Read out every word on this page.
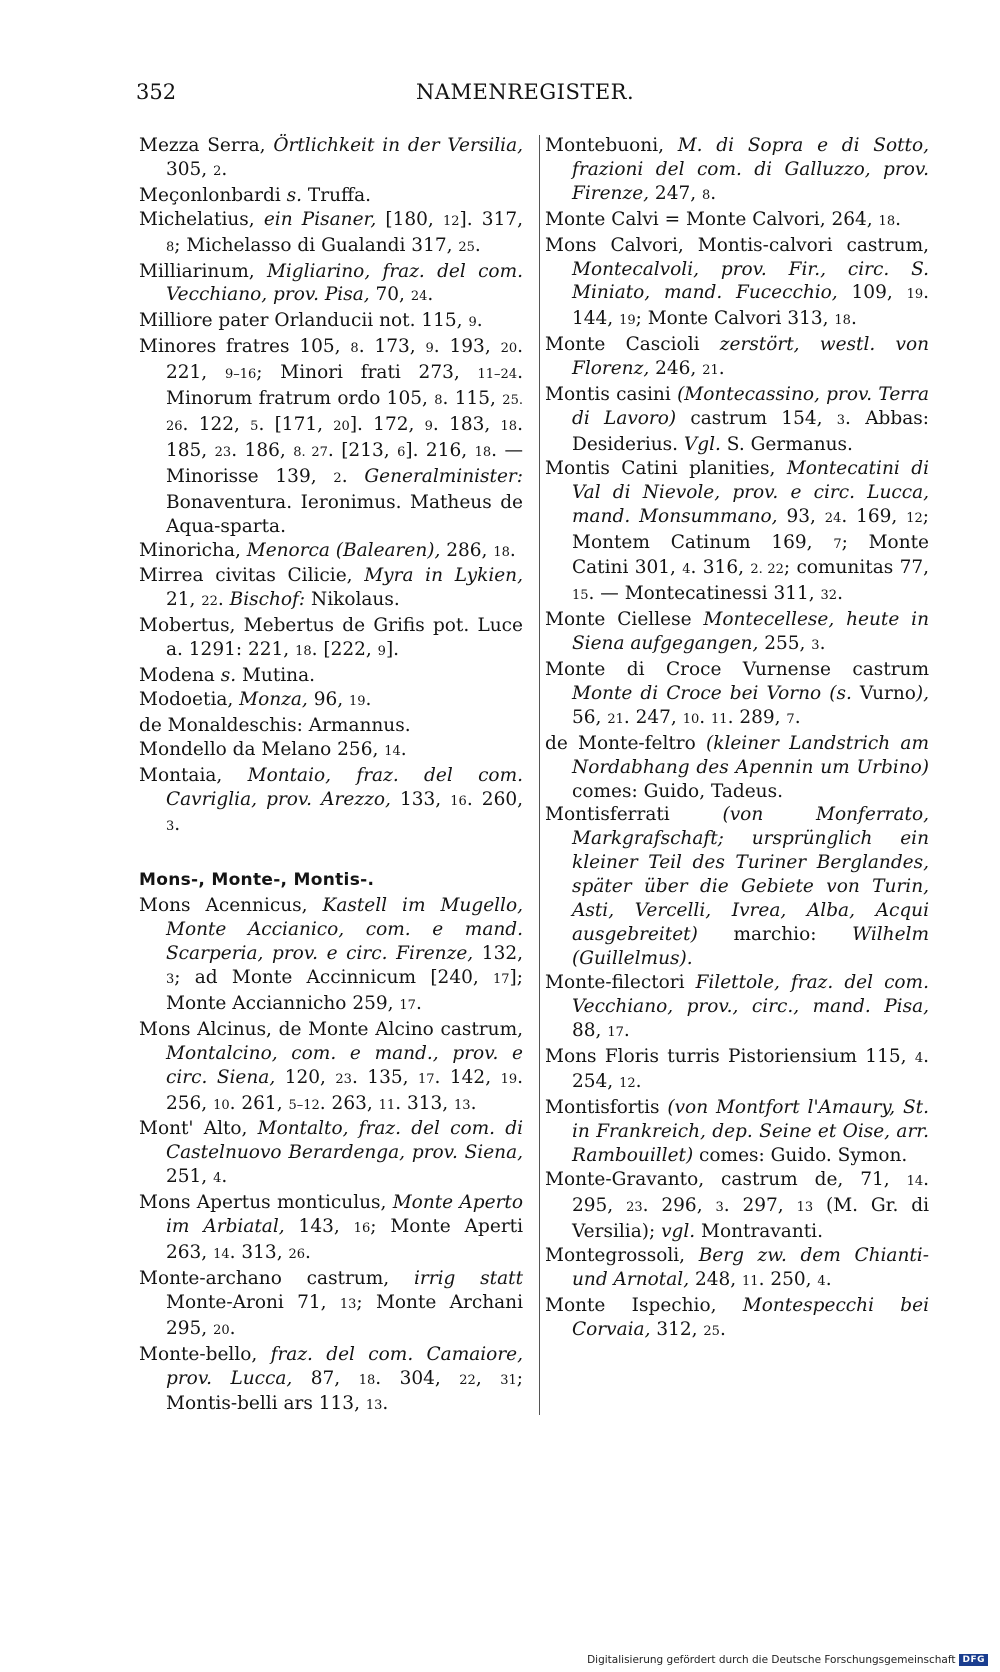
352	NAMENREGISTER.

Mezza Serra, Örtlichkeit in der Versilia, 305, 2.

Meçonlonbardi s. Truffa.

Michelatius, ein Pisaner, [180, 12]. 317, 8; Michelasso di Gualandi 317, 25.

Milliarinum, Migliarino, fraz. del com. Vecchiano, prov. Pisa, 70, 24.

Milliore pater Orlanducii not. 115, 9.

Minores fratres 105, 8. 173, 9. 193, 20. 221, 9–16; Minori frati 273, 11–24. Minorum fratrum ordo 105, 8. 115, 25. 26. 122, 5. [171, 20]. 172, 9. 183, 18. 185, 23. 186, 8. 27. [213, 6]. 216, 18. — Minorisse 139, 2. Generalminister: Bonaventura. Ieronimus. Matheus de Aqua-sparta.

Minoricha, Menorca (Balearen), 286, 18.

Mirrea civitas Cilicie, Myra in Lykien, 21, 22. Bischof: Nikolaus.

Mobertus, Mebertus de Grifis pot. Luce a. 1291: 221, 18. [222, 9].

Modena s. Mutina.

Modoetia, Monza, 96, 19.

de Monaldeschis: Armannus.

Mondello da Melano 256, 14.

Montaia, Montaio, fraz. del com. Cavriglia, prov. Arezzo, 133, 16. 260, 3.

Mons-, Monte-, Montis-.

Mons Acennicus, Kastell im Mugello, Monte Accianico, com. e mand. Scarperia, prov. e circ. Firenze, 132, 3; ad Monte Accinnicum [240, 17]; Monte Acciannicho 259, 17.

Mons Alcinus, de Monte Alcino castrum, Montalcino, com. e mand., prov. e circ. Siena, 120, 23. 135, 17. 142, 19. 256, 10. 261, 5–12. 263, 11. 313, 13.

Mont' Alto, Montalto, fraz. del com. di Castelnuovo Berardenga, prov. Siena, 251, 4.

Mons Apertus monticulus, Monte Aperto im Arbiatal, 143, 16; Monte Aperti 263, 14. 313, 26.

Monte-archano castrum, irrig statt Monte-Aroni 71, 13; Monte Archani 295, 20.

Monte-bello, fraz. del com. Camaiore, prov. Lucca, 87, 18. 304, 22, 31; Montis-belli ars 113, 13.

Montebuoni, M. di Sopra e di Sotto, frazioni del com. di Galluzzo, prov. Firenze, 247, 8.

Monte Calvi = Monte Calvori, 264, 18.

Mons Calvori, Montis-calvori castrum, Montecalvoli, prov. Fir., circ. S. Miniato, mand. Fucecchio, 109, 19. 144, 19; Monte Calvori 313, 18.

Monte Cascioli zerstört, westl. von Florenz, 246, 21.

Montis casini (Montecassino, prov. Terra di Lavoro) castrum 154, 3. Abbas: Desiderius. Vgl. S. Germanus.

Montis Catini planities, Montecatini di Val di Nievole, prov. e circ. Lucca, mand. Monsummano, 93, 24. 169, 12; Montem Catinum 169, 7; Monte Catini 301, 4. 316, 2. 22; comunitas 77, 15. — Montecatinessi 311, 32.

Monte Ciellese Montecellese, heute in Siena aufgegangen, 255, 3.

Monte di Croce Vurnense castrum Monte di Croce bei Vorno (s. Vurno), 56, 21. 247, 10. 11. 289, 7.

de Monte-feltro (kleiner Landstrich am Nordabhang des Apennin um Urbino) comes: Guido, Tadeus.

Montisferrati (von Monferrato, Markgrafschaft; ursprünglich ein kleiner Teil des Turiner Berglandes, später über die Gebiete von Turin, Asti, Vercelli, Ivrea, Alba, Acqui ausgebreitet) marchio: Wilhelm (Guillelmus).

Monte-filectori Filettole, fraz. del com. Vecchiano, prov., circ., mand. Pisa, 88, 17.

Mons Floris turris Pistoriensium 115, 4. 254, 12.

Montisfortis (von Montfort l'Amaury, St. in Frankreich, dep. Seine et Oise, arr. Rambouillet) comes: Guido. Symon.

Monte-Gravanto, castrum de, 71, 14. 295, 23. 296, 3. 297, 13 (M. Gr. di Versilia); vgl. Montravanti.

Montegrossoli, Berg zw. dem Chianti- und Arnotal, 248, 11. 250, 4.

Monte Ispechio, Montespecchi bei Corvaia, 312, 25.

Digitalisierung gefördert durch die Deutsche Forschungsgemeinschaft DFG
